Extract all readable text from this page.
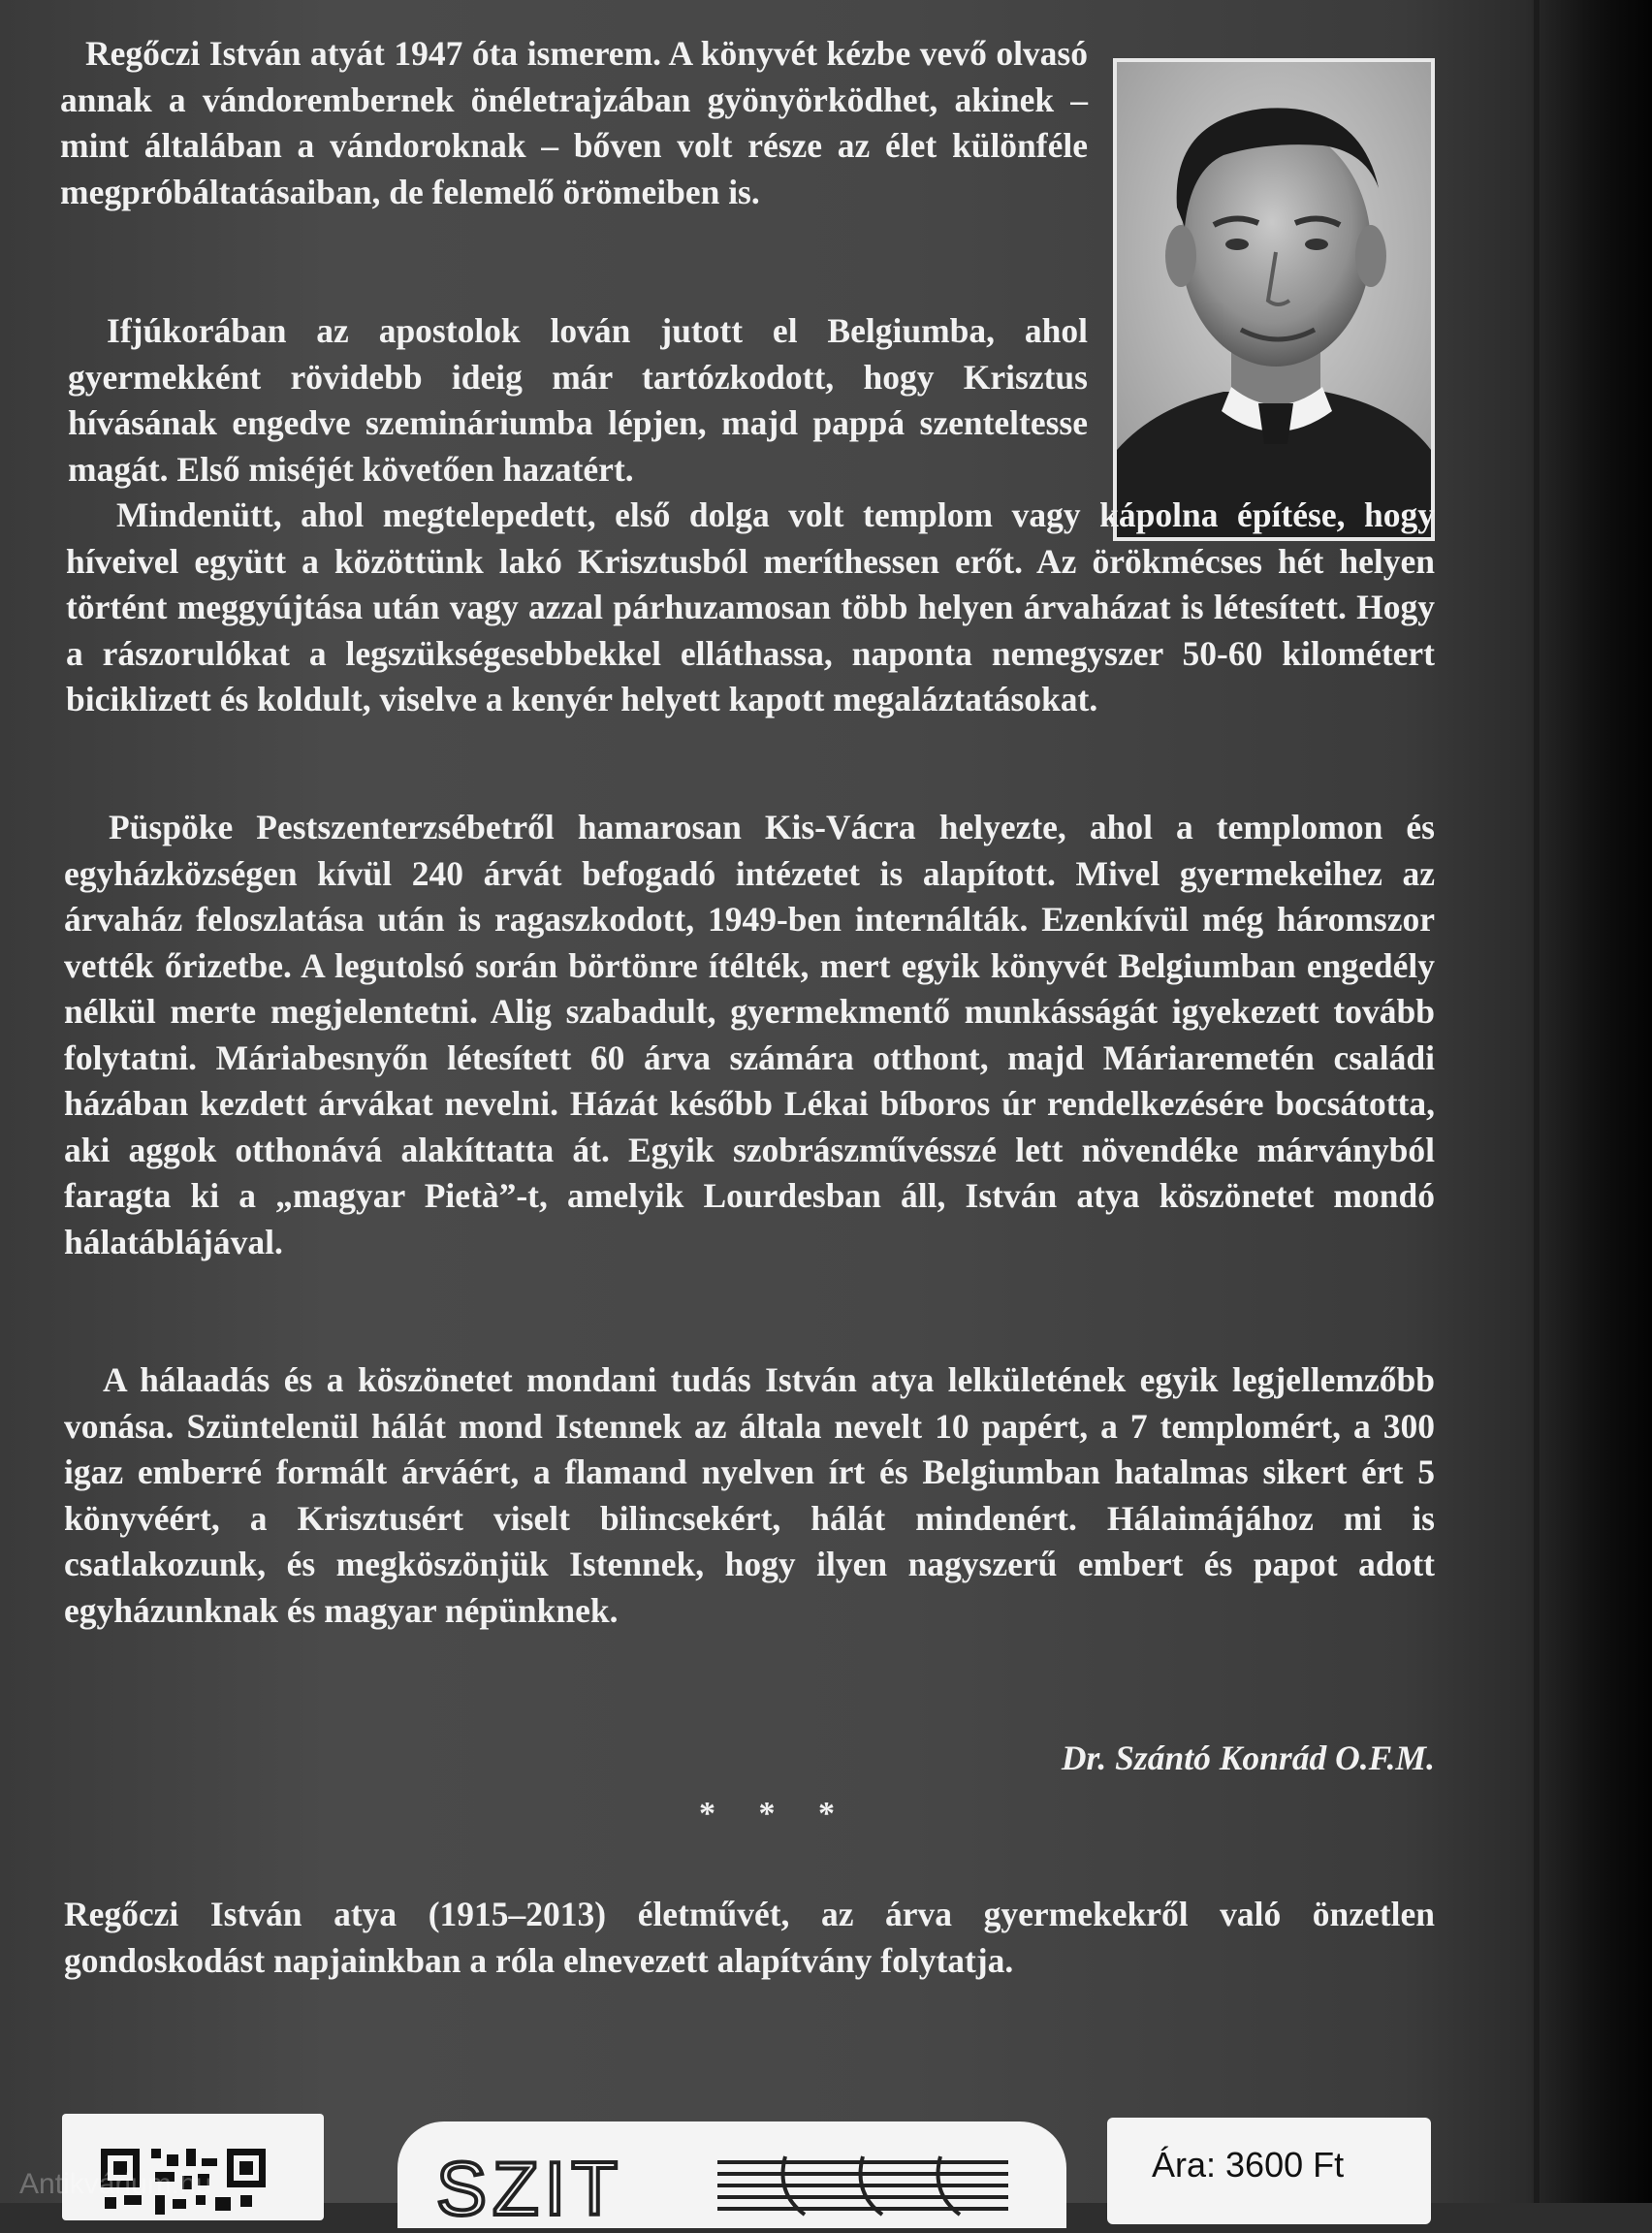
Regőczi István atyát 1947 óta ismerem. A könyvét kézbe vevő olvasó annak a vándorembernek önéletrajzában gyönyörködhet, akinek – mint általában a vándoroknak – bőven volt része az élet különféle megpróbáltatásaiban, de felemelő örömeiben is.

Ifjúkorában az apostolok lován jutott el Belgiumba, ahol gyermekként rövidebb ideig már tartózkodott, hogy Krisztus hívásának engedve szemináriumba lépjen, majd pappá szenteltesse magát. Első miséjét követően hazatért.

Mindenütt, ahol megtelepedett, első dolga volt templom vagy kápolna építése, hogy híveivel együtt a közöttünk lakó Krisztusból meríthessen erőt. Az örökmécses hét helyen történt meggyújtása után vagy azzal párhuzamosan több helyen árvaházat is létesített. Hogy a rászorulókat a legszükségesebbekkel elláthassa, naponta nemegyszer 50-60 kilométert biciklizett és koldult, viselve a kenyér helyett kapott megaláztatásokat.

Püspöke Pestszenterzsébetről hamarosan Kis-Vácra helyezte, ahol a templomon és egyházközségen kívül 240 árvát befogadó intézetet is alapított. Mivel gyermekeihez az árvaház feloszlatása után is ragaszkodott, 1949-ben internálták. Ezenkívül még háromszor vették őrizetbe. A legutolsó során börtönre ítélték, mert egyik könyvét Belgiumban engedély nélkül merte megjelentetni. Alig szabadult, gyermekmentő munkásságát igyekezett tovább folytatni. Máriabesnyőn létesített 60 árva számára otthont, majd Máriaremetén családi házában kezdett árvákat nevelni. Házát később Lékai bíboros úr rendelkezésére bocsátotta, aki aggok otthonává alakíttatta át. Egyik szobrászművésszé lett növendéke márványból faragta ki a „magyar Pietà”-t, amelyik Lourdesban áll, István atya köszönetet mondó hálatáblájával.

A hálaadás és a köszönetet mondani tudás István atya lelkületének egyik legjellemzőbb vonása. Szüntelenül hálát mond Istennek az általa nevelt 10 papért, a 7 templomért, a 300 igaz emberré formált árváért, a flamand nyelven írt és Belgiumban hatalmas sikert ért 5 könyvéért, a Krisztusért viselt bilincsekért, hálát mindenért. Hálaimájához mi is csatlakozunk, és megköszönjük Istennek, hogy ilyen nagyszerű embert és papot adott egyházunknak és magyar népünknek.

Dr. Szántó Konrád O.F.M.

* * *

Regőczi István atya (1915–2013) életművét, az árva gyermekekről való önzetlen gondoskodást napjainkban a róla elnevezett alapítvány folytatja.

SZIT	Ára: 3600 Ft

Antikvárium.hu
